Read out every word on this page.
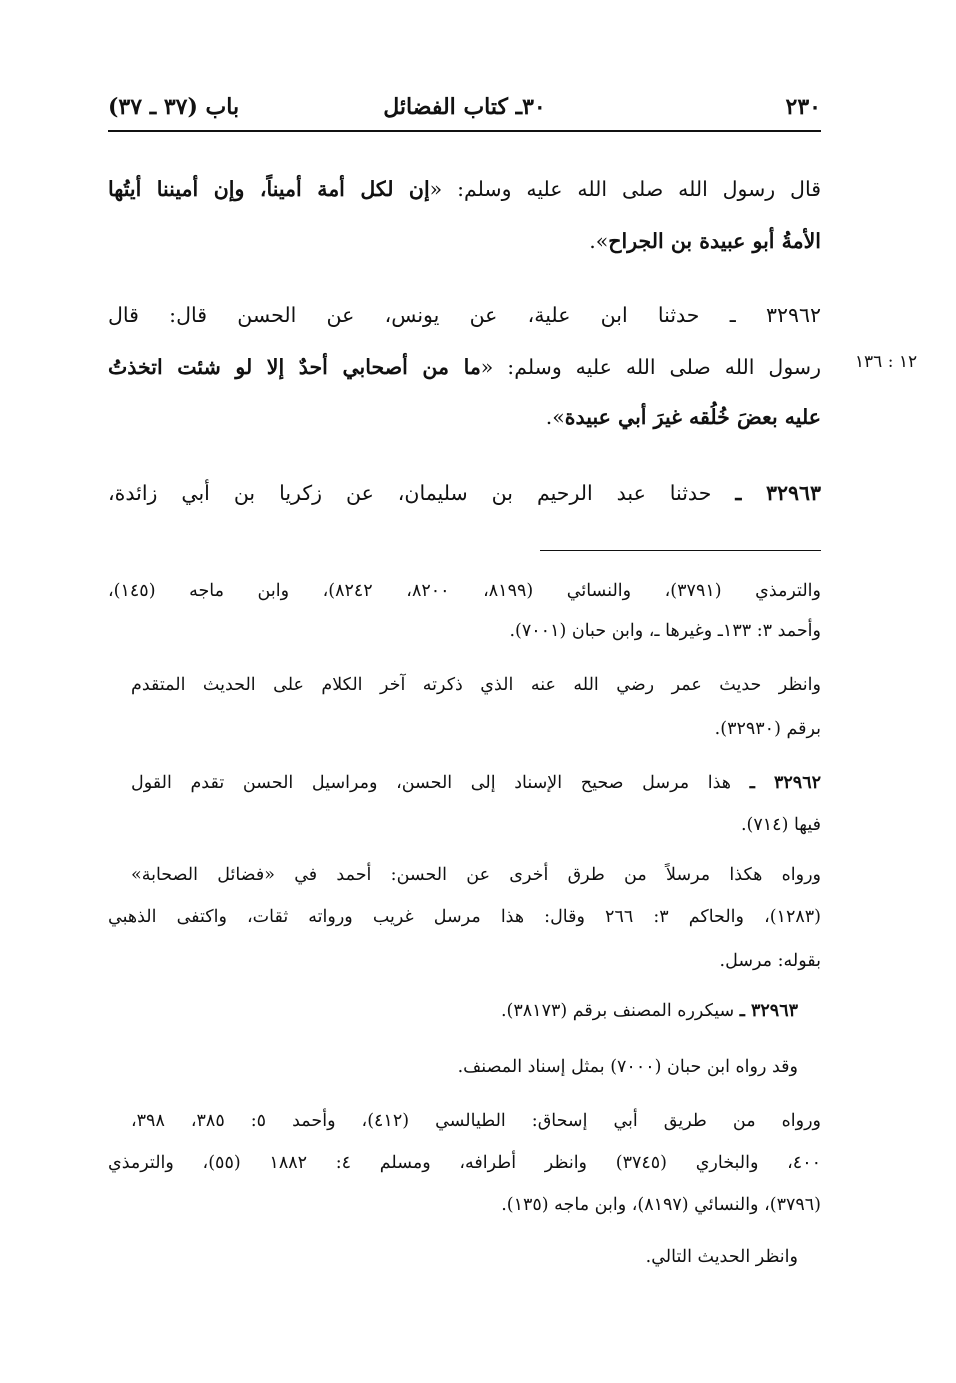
٢٣٠
٣٠ـ كتاب الفضائل
باب (٣٧ ـ ٣٧)
قال رسول الله صلى الله عليه وسلم: «إن لكل أمة أميناً، وإن أميننا أيتُها
الأمةُ أبو عبيدة بن الجراح».
٣٢٩٦٢ ـ حدثنا ابن علية، عن يونس، عن الحسن قال: قال
رسول الله صلى الله عليه وسلم: «ما من أصحابي أحدٌ إلا لو شئت اتخذتُ
عليه بعضَ خُلُقه غيرَ أبي عبيدة».
٣٢٩٦٣ ـ حدثنا عبد الرحيم بن سليمان، عن زكريا بن أبي زائدة،
١٢ : ١٣٦
والترمذي (٣٧٩١)، والنسائي (٨١٩٩، ٨٢٠٠، ٨٢٤٢)، وابن ماجه (١٤٥)،
وأحمد ٣: ١٣٣ـ وغيرها ـ، وابن حبان (٧٠٠١).
وانظر حديث عمر رضي الله عنه الذي ذكرته آخر الكلام على الحديث المتقدم
برقم (٣٢٩٣٠).
٣٢٩٦٢ ـ هذا مرسل صحيح الإسناد إلى الحسن، ومراسيل الحسن تقدم القول
فيها (٧١٤).
ورواه هكذا مرسلاً من طرق أخرى عن الحسن: أحمد في «فضائل الصحابة»
(١٢٨٣)، والحاكم ٣: ٢٦٦ وقال: هذا مرسل غريب ورواته ثقات، واكتفى الذهبي
بقوله: مرسل.
٣٢٩٦٣ ـ سيكرره المصنف برقم (٣٨١٧٣).
وقد رواه ابن حبان (٧٠٠٠) بمثل إسناد المصنف.
ورواه من طريق أبي إسحاق: الطيالسي (٤١٢)، وأحمد ٥: ٣٨٥، ٣٩٨،
٤٠٠، والبخاري (٣٧٤٥) وانظر أطرافه، ومسلم ٤: ١٨٨٢ (٥٥)، والترمذي
(٣٧٩٦)، والنسائي (٨١٩٧)، وابن ماجه (١٣٥).
وانظر الحديث التالي.
